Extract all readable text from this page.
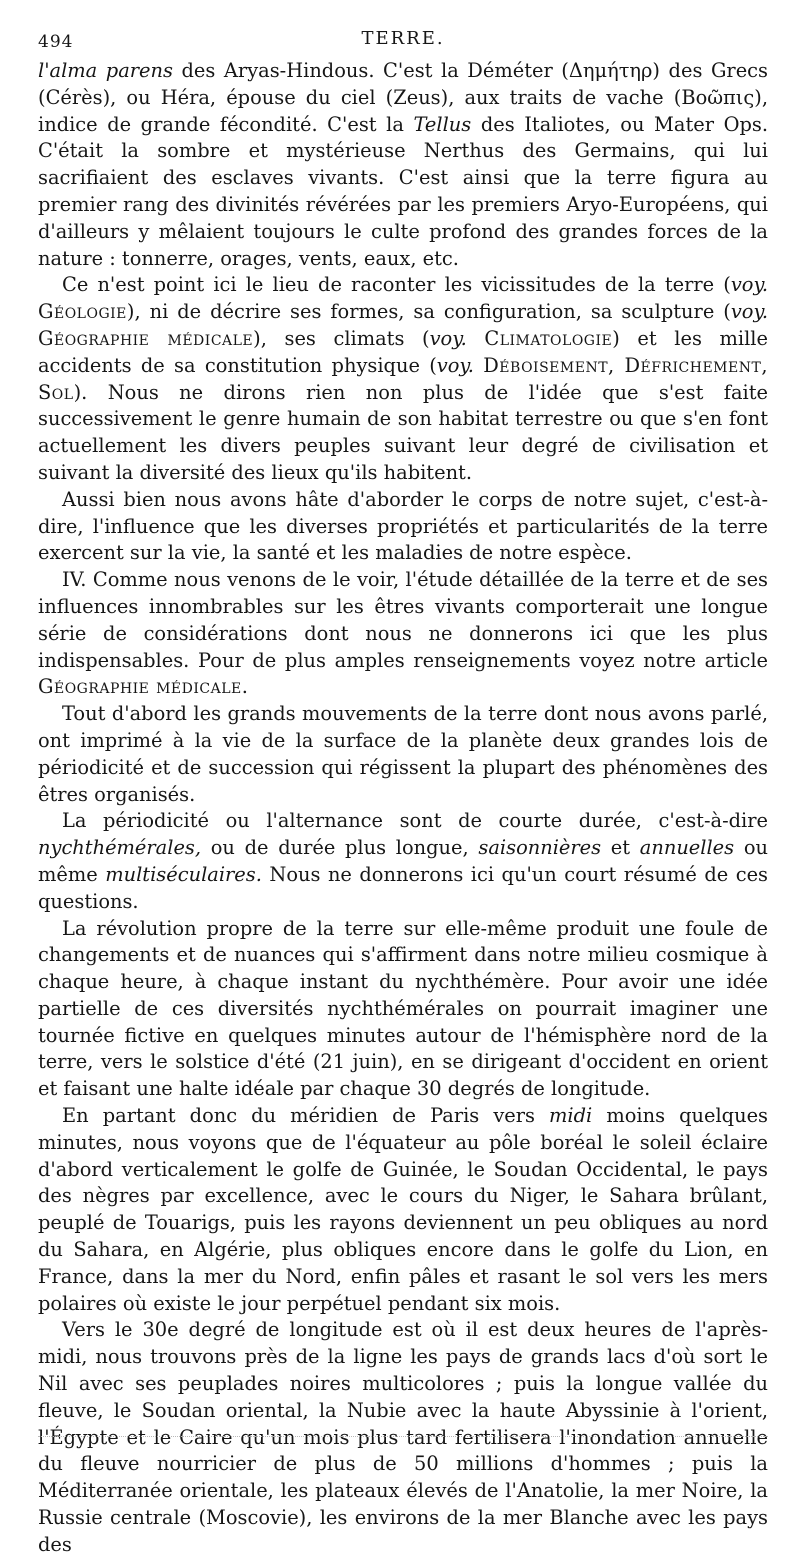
494	TERRE.

l'alma parens des Aryas-Hindous. C'est la Déméter (Δημήτηρ) des Grecs (Cérès), ou Héra, épouse du ciel (Zeus), aux traits de vache (Βοῶπις), indice de grande fécondité. C'est la Tellus des Italiotes, ou Mater Ops. C'était la sombre et mystérieuse Nerthus des Germains, qui lui sacrifiaient des esclaves vivants. C'est ainsi que la terre figura au premier rang des divinités révérées par les premiers Aryo-Européens, qui d'ailleurs y mêlaient toujours le culte profond des grandes forces de la nature : tonnerre, orages, vents, eaux, etc.

Ce n'est point ici le lieu de raconter les vicissitudes de la terre (voy. Géologie), ni de décrire ses formes, sa configuration, sa sculpture (voy. Géographie médicale), ses climats (voy. Climatologie) et les mille accidents de sa constitution physique (voy. Déboisement, Défrichement, Sol). Nous ne dirons rien non plus de l'idée que s'est faite successivement le genre humain de son habitat terrestre ou que s'en font actuellement les divers peuples suivant leur degré de civilisation et suivant la diversité des lieux qu'ils habitent.

Aussi bien nous avons hâte d'aborder le corps de notre sujet, c'est-à-dire, l'influence que les diverses propriétés et particularités de la terre exercent sur la vie, la santé et les maladies de notre espèce.

IV. Comme nous venons de le voir, l'étude détaillée de la terre et de ses influences innombrables sur les êtres vivants comporterait une longue série de considérations dont nous ne donnerons ici que les plus indispensables. Pour de plus amples renseignements voyez notre article Géographie médicale.

Tout d'abord les grands mouvements de la terre dont nous avons parlé, ont imprimé à la vie de la surface de la planète deux grandes lois de périodicité et de succession qui régissent la plupart des phénomènes des êtres organisés.

La périodicité ou l'alternance sont de courte durée, c'est-à-dire nychthémérales, ou de durée plus longue, saisonnières et annuelles ou même multiséculaires. Nous ne donnerons ici qu'un court résumé de ces questions.

La révolution propre de la terre sur elle-même produit une foule de changements et de nuances qui s'affirment dans notre milieu cosmique à chaque heure, à chaque instant du nychthémère. Pour avoir une idée partielle de ces diversités nychthémérales on pourrait imaginer une tournée fictive en quelques minutes autour de l'hémisphère nord de la terre, vers le solstice d'été (21 juin), en se dirigeant d'occident en orient et faisant une halte idéale par chaque 30 degrés de longitude.

En partant donc du méridien de Paris vers midi moins quelques minutes, nous voyons que de l'équateur au pôle boréal le soleil éclaire d'abord verticalement le golfe de Guinée, le Soudan Occidental, le pays des nègres par excellence, avec le cours du Niger, le Sahara brûlant, peuplé de Touarigs, puis les rayons deviennent un peu obliques au nord du Sahara, en Algérie, plus obliques encore dans le golfe du Lion, en France, dans la mer du Nord, enfin pâles et rasant le sol vers les mers polaires où existe le jour perpétuel pendant six mois.

Vers le 30e degré de longitude est où il est deux heures de l'après-midi, nous trouvons près de la ligne les pays de grands lacs d'où sort le Nil avec ses peuplades noires multicolores ; puis la longue vallée du fleuve, le Soudan oriental, la Nubie avec la haute Abyssinie à l'orient, l'Égypte et le Caire qu'un mois plus tard fertilisera l'inondation annuelle du fleuve nourricier de plus de 50 millions d'hommes ; puis la Méditerranée orientale, les plateaux élevés de l'Anatolie, la mer Noire, la Russie centrale (Moscovie), les environs de la mer Blanche avec les pays des
